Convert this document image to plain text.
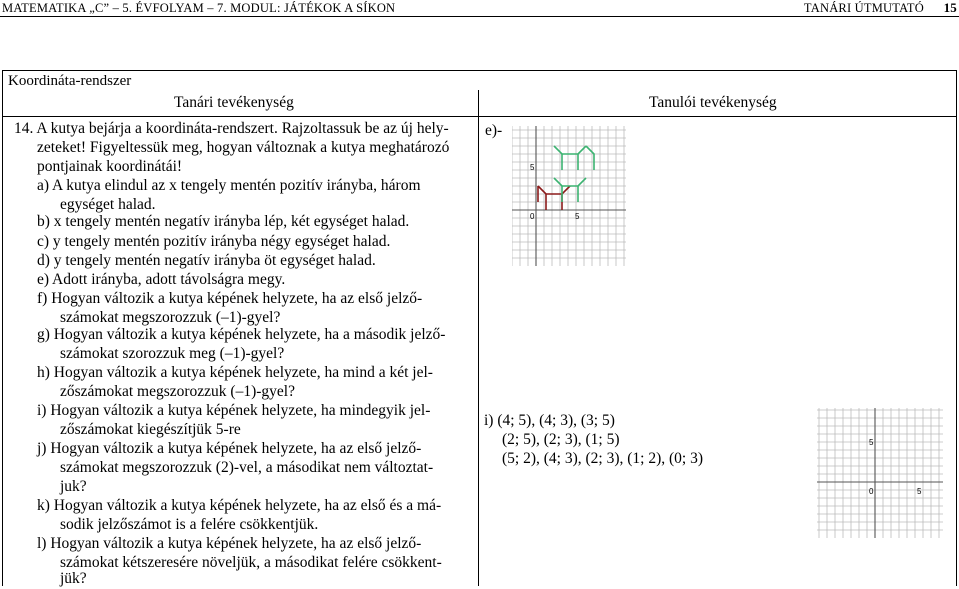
MATEMATIKA „C” – 5. ÉVFOLYAM – 7. MODUL: JÁTÉKOK A SÍKON	TANÁRI ÚTMUTATÓ 15
Koordináta-rendszer
Tanári tevékenység	Tanulói tevékenység
14. A kutya bejárja a koordináta-rendszert. Rajzoltassuk be az új hely-
zeteket! Figyeltessük meg, hogyan változnak a kutya meghatározó
pontjainak koordinátái!
a) A kutya elindul az x tengely mentén pozitív irányba, három
egységet halad.
b) x tengely mentén negatív irányba lép, két egységet halad.
c) y tengely mentén pozitív irányba négy egységet halad.
d) y tengely mentén negatív irányba öt egységet halad.
e) Adott irányba, adott távolságra megy.
f) Hogyan változik a kutya képének helyzete, ha az első jelző-
számokat megszorozzuk (–1)-gyel?
g) Hogyan változik a kutya képének helyzete, ha a második jelző-
számokat szorozzuk meg (–1)-gyel?
h) Hogyan változik a kutya képének helyzete, ha mind a két jel-
zőszámokat megszorozzuk (–1)-gyel?
i) Hogyan változik a kutya képének helyzete, ha mindegyik jel-
zőszámokat kiegészítjük 5-re
j) Hogyan változik a kutya képének helyzete, ha az első jelző-
számokat megszorozzuk (2)-vel, a másodikat nem változtat-
juk?
k) Hogyan változik a kutya képének helyzete, ha az első és a má-
sodik jelzőszámot is a felére csökkentjük.
l) Hogyan változik a kutya képének helyzete, ha az első jelző-
számokat kétszeresére növeljük, a másodikat felére csökkent-
jük?
e)-
5
0	5
i) (4; 5), (4; 3), (3; 5)
(2; 5), (2; 3), (1; 5)
(5; 2), (4; 3), (2; 3), (1; 2), (0; 3)
5
0	5
